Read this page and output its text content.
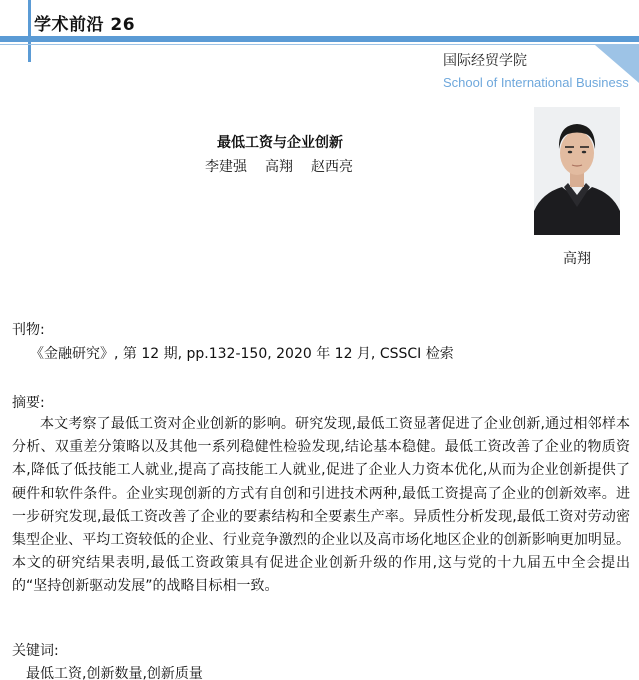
学术前沿 26
国际经贸学院
School of International Business
最低工资与企业创新
李建强 高翔 赵西亮
高翔
刊物:
《金融研究》, 第 12 期, pp.132-150, 2020 年 12 月, CSSCI 检索
摘要:
本文考察了最低工资对企业创新的影响。研究发现,最低工资显著促进了企业创新,通过相邻样本分析、双重差分策略以及其他一系列稳健性检验发现,结论基本稳健。最低工资改善了企业的物质资本,降低了低技能工人就业,提高了高技能工人就业,促进了企业人力资本优化,从而为企业创新提供了硬件和软件条件。企业实现创新的方式有自创和引进技术两种,最低工资提高了企业的创新效率。进一步研究发现,最低工资改善了企业的要素结构和全要素生产率。异质性分析发现,最低工资对劳动密集型企业、平均工资较低的企业、行业竞争激烈的企业以及高市场化地区企业的创新影响更加明显。本文的研究结果表明,最低工资政策具有促进企业创新升级的作用,这与党的十九届五中全会提出的“坚持创新驱动发展”的战略目标相一致。
关键词:
最低工资,创新数量,创新质量
